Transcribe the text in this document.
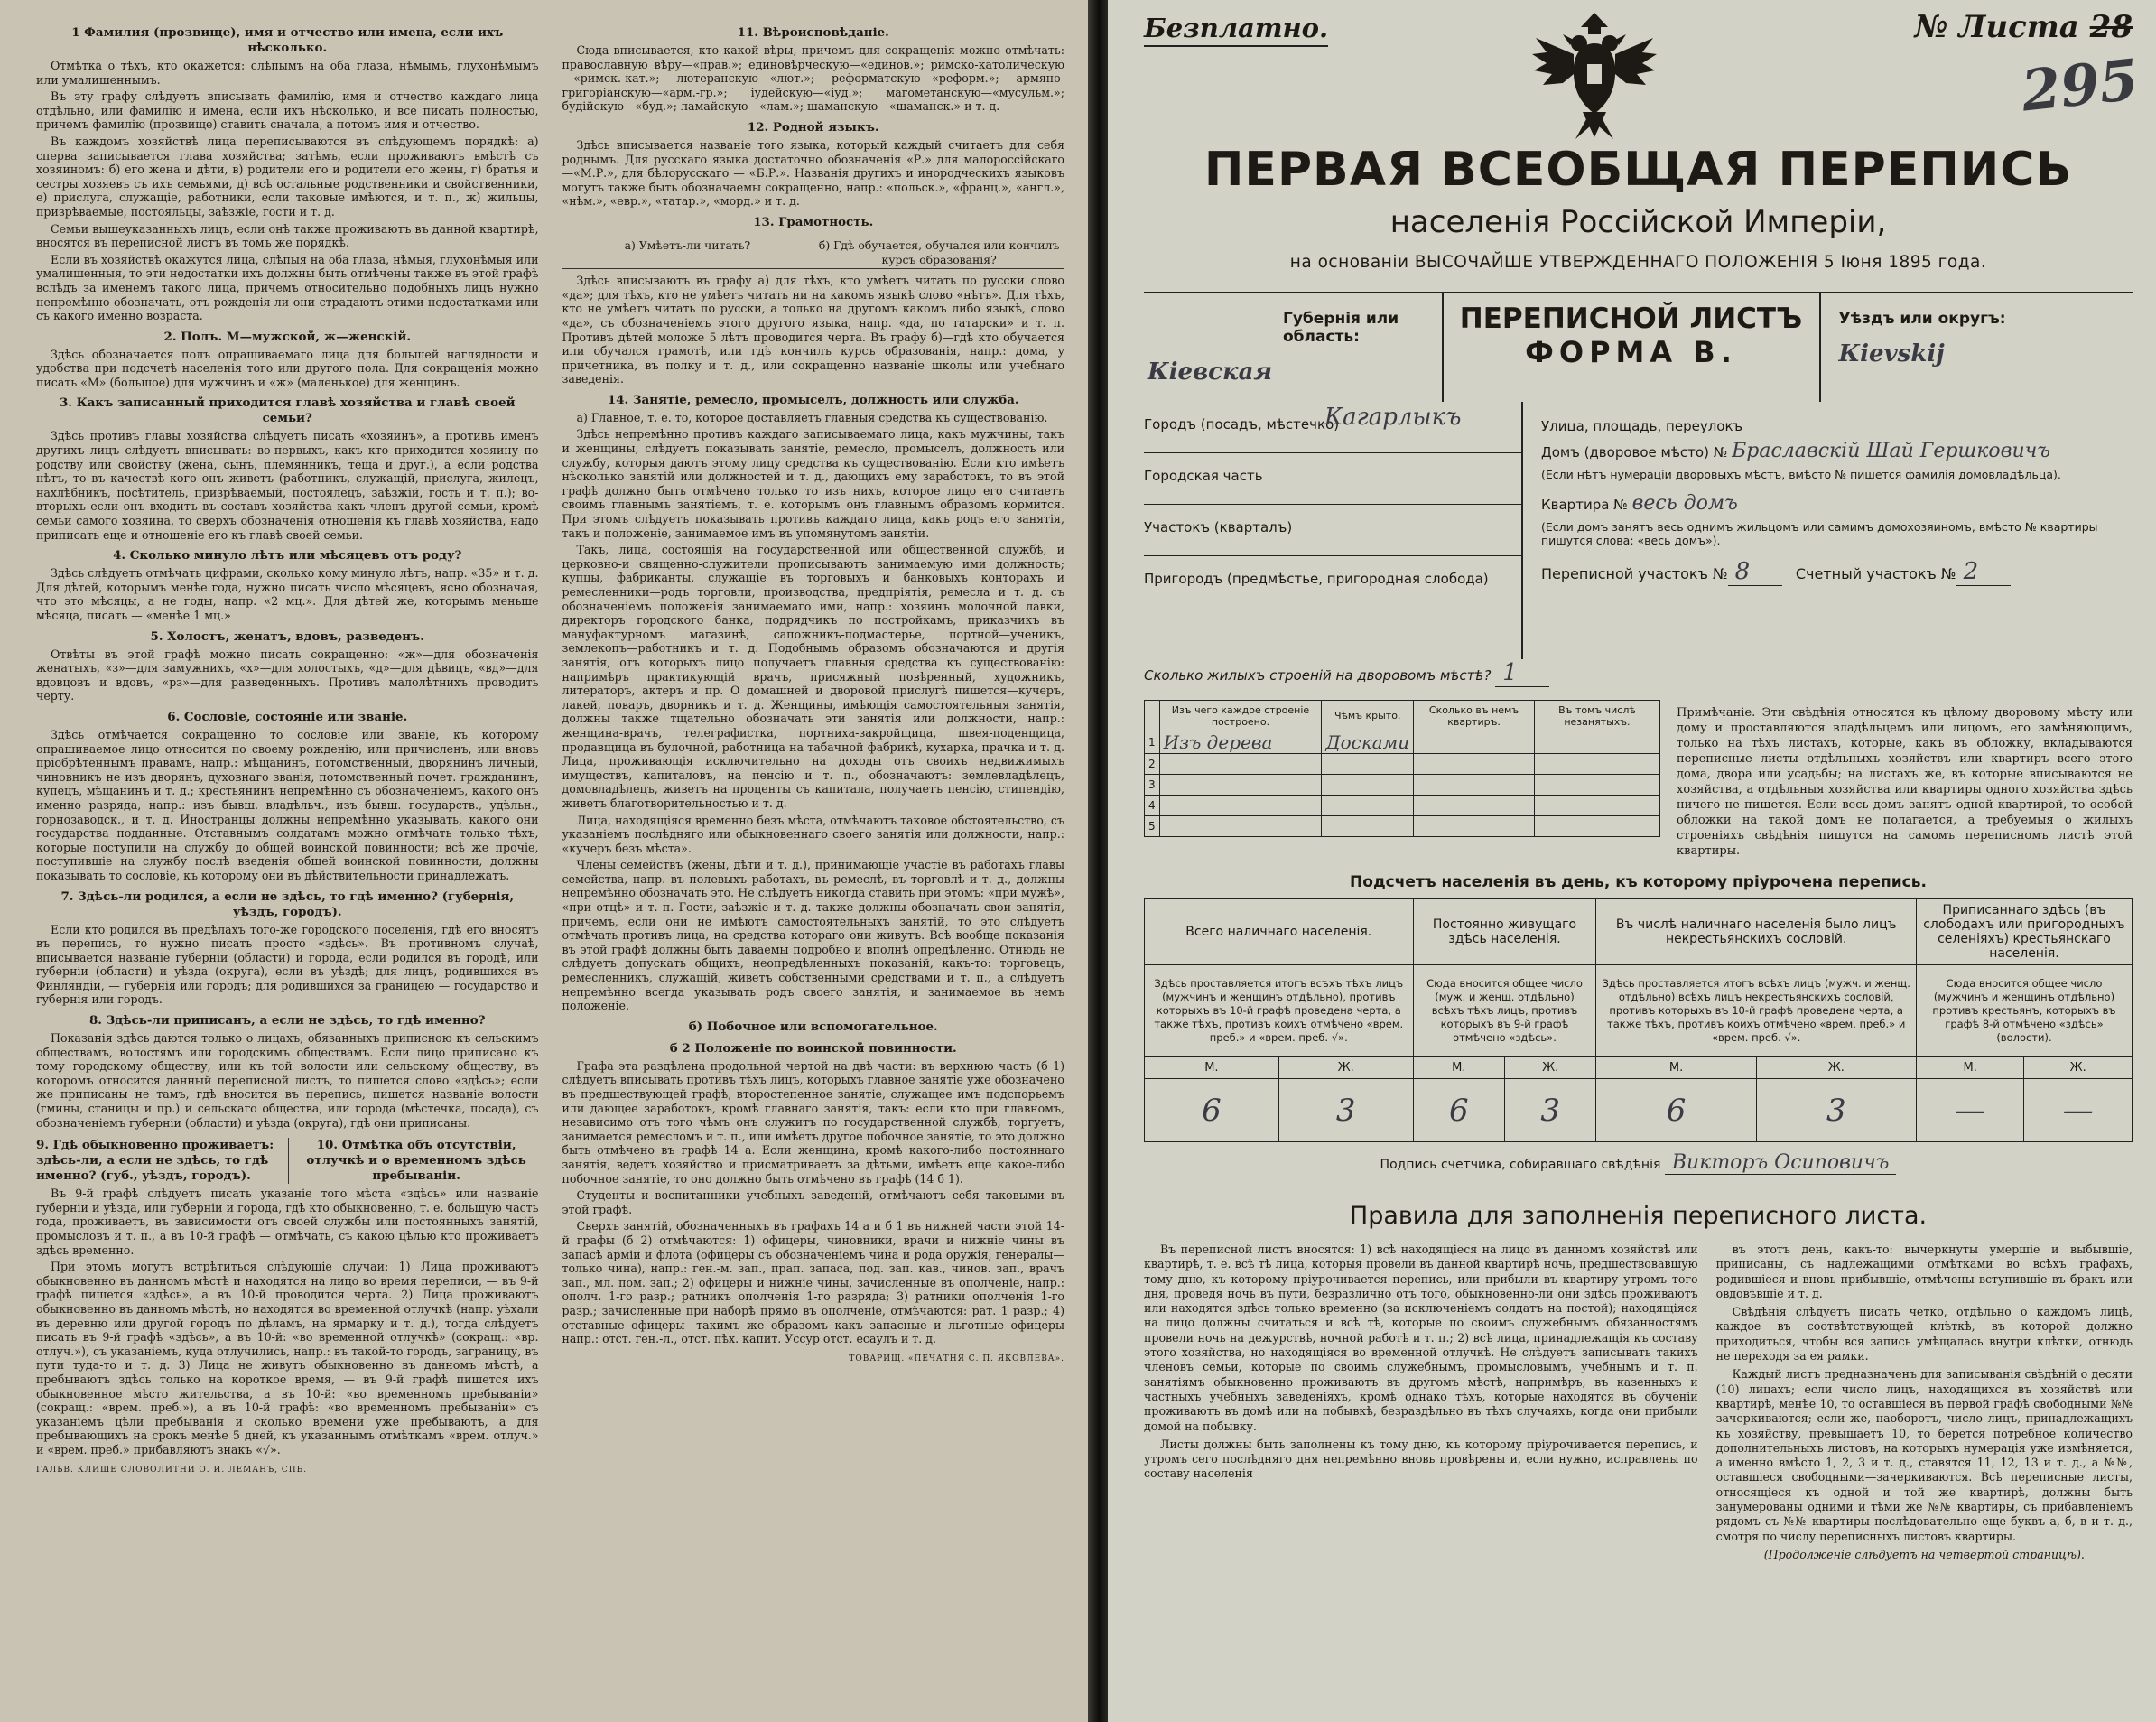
1 Фамилия (прозвище), имя и отчество или имена, если ихъ нѣсколько.

Отмѣтка о тѣхъ, кто окажется: слѣпымъ на оба глаза, нѣмымъ, глухонѣмымъ или умалишеннымъ.

Въ эту графу слѣдуетъ вписывать фамилію, имя и отчество каждаго лица отдѣльно, или фамилію и имена, если ихъ нѣсколько, и все писать полностью, причемъ фамилію (прозвище) ставить сначала, а потомъ имя и отчество.

Въ каждомъ хозяйствѣ лица переписываются въ слѣдующемъ порядкѣ: а) сперва записывается глава хозяйства; затѣмъ, если проживаютъ вмѣстѣ съ хозяиномъ: б) его жена и дѣти, в) родители его и родители его жены, г) братья и сестры хозяевъ съ ихъ семьями, д) всѣ остальные родственники и свойственники, е) прислуга, служащіе, работники, если таковые имѣются, и т. п., ж) жильцы, призрѣваемые, постояльцы, заѣзжіе, гости и т. д.

Семьи вышеуказанныхъ лицъ, если онѣ также проживаютъ въ данной квартирѣ, вносятся въ переписной листъ въ томъ же порядкѣ.

Если въ хозяйствѣ окажутся лица, слѣпыя на оба глаза, нѣмыя, глухонѣмыя или умалишенныя, то эти недостатки ихъ должны быть отмѣчены также въ этой графѣ вслѣдъ за именемъ такого лица, причемъ относительно подобныхъ лицъ нужно непремѣнно обозначать, отъ рожденія-ли они страдаютъ этими недостатками или съ какого именно возраста.

2. Полъ. М—мужской, ж—женскій.

Здѣсь обозначается полъ опрашиваемаго лица для большей наглядности и удобства при подсчетѣ населенія того или другого пола. Для сокращенія можно писать «М» (большое) для мужчинъ и «ж» (маленькое) для женщинъ.

3. Какъ записанный приходится главѣ хозяйства и главѣ своей семьи?

Здѣсь противъ главы хозяйства слѣдуетъ писать «хозяинъ», а противъ именъ другихъ лицъ слѣдуетъ вписывать: во-первыхъ, какъ кто приходится хозяину по родству или свойству (жена, сынъ, племянникъ, теща и друг.), а если родства нѣтъ, то въ качествѣ кого онъ живетъ (работникъ, служащій, прислуга, жилецъ, нахлѣбникъ, посѣтитель, призрѣваемый, постоялецъ, заѣзжій, гость и т. п.); во-вторыхъ если онъ входитъ въ составъ хозяйства какъ членъ другой семьи, кромѣ семьи самого хозяина, то сверхъ обозначенія отношенія къ главѣ хозяйства, надо приписать еще и отношеніе его къ главѣ своей семьи.

4. Сколько минуло лѣтъ или мѣсяцевъ отъ роду?

Здѣсь слѣдуетъ отмѣчать цифрами, сколько кому минуло лѣтъ, напр. «35» и т. д. Для дѣтей, которымъ менѣе года, нужно писать число мѣсяцевъ, ясно обозначая, что это мѣсяцы, а не годы, напр. «2 мц.». Для дѣтей же, которымъ меньше мѣсяца, писать — «менѣе 1 мц.»

5. Холостъ, женатъ, вдовъ, разведенъ.

Отвѣты въ этой графѣ можно писать сокращенно: «ж»—для обозначенія женатыхъ, «з»—для замужнихъ, «х»—для холостыхъ, «д»—для дѣвицъ, «вд»—для вдовцовъ и вдовъ, «рз»—для разведенныхъ. Противъ малолѣтнихъ проводить черту.

6. Сословіе, состояніе или званіе.

Здѣсь отмѣчается сокращенно то сословіе или званіе, къ которому опрашиваемое лицо относится по своему рожденію, или причисленъ, или вновь пріобрѣтеннымъ правамъ, напр.: мѣщанинъ, потомственный, дворянинъ личный, чиновникъ не изъ дворянъ, духовнаго званія, потомственный почет. гражданинъ, купецъ, мѣщанинъ и т. д.; крестьянинъ непремѣнно съ обозначеніемъ, какого онъ именно разряда, напр.: изъ бывш. владѣльч., изъ бывш. государств., удѣльн., горнозаводск., и т. д. Иностранцы должны непремѣнно указывать, какого они государства подданные. Отставнымъ солдатамъ можно отмѣчать только тѣхъ, которые поступили на службу до общей воинской повинности; всѣ же прочіе, поступившіе на службу послѣ введенія общей воинской повинности, должны показывать то сословіе, къ которому они въ дѣйствительности принадлежатъ.

7. Здѣсь-ли родился, а если не здѣсь, то гдѣ именно? (губернія, уѣздъ, городъ).

Если кто родился въ предѣлахъ того-же городского поселенія, гдѣ его вносятъ въ перепись, то нужно писать просто «здѣсь». Въ противномъ случаѣ, вписывается названіе губерніи (области) и города, если родился въ городѣ, или губерніи (области) и уѣзда (округа), если въ уѣздѣ; для лицъ, родившихся въ Финляндіи, — губернія или городъ; для родившихся за границею — государство и губернія или городъ.

8. Здѣсь-ли приписанъ, а если не здѣсь, то гдѣ именно?

Показанія здѣсь даются только о лицахъ, обязанныхъ приписною къ сельскимъ обществамъ, волостямъ или городскимъ обществамъ. Если лицо приписано къ тому городскому обществу, или къ той волости или сельскому обществу, въ которомъ относится данный переписной листъ, то пишется слово «здѣсь»; если же приписаны не тамъ, гдѣ вносится въ перепись, пишется названіе волости (гмины, станицы и пр.) и сельскаго общества, или города (мѣстечка, посада), съ обозначеніемъ губерніи (области) и уѣзда (округа), гдѣ они приписаны.

9. Гдѣ обыкновенно проживаетъ: здѣсь-ли, а если не здѣсь, то гдѣ именно? (губ., уѣздъ, городъ).
10. Отмѣтка объ отсутствіи, отлучкѣ и о временномъ здѣсь пребываніи.

Въ 9-й графѣ слѣдуетъ писать указаніе того мѣста «здѣсь» или названіе губерніи и уѣзда, или губерніи и города, гдѣ кто обыкновенно, т. е. большую часть года, проживаетъ, въ зависимости отъ своей службы или постоянныхъ занятій, промысловъ и т. п., а въ 10-й графѣ — отмѣчать, съ какою цѣлью кто проживаетъ здѣсь временно.

При этомъ могутъ встрѣтиться слѣдующіе случаи: 1) Лица проживаютъ обыкновенно въ данномъ мѣстѣ и находятся на лицо во время переписи, — въ 9-й графѣ пишется «здѣсь», а въ 10-й проводится черта. 2) Лица проживаютъ обыкновенно въ данномъ мѣстѣ, но находятся во временной отлучкѣ (напр. уѣхали въ деревню или другой городъ по дѣламъ, на ярмарку и т. д.), тогда слѣдуетъ писать въ 9-й графѣ «здѣсь», а въ 10-й: «во временной отлучкѣ» (сокращ.: «вр. отлуч.»), съ указаніемъ, куда отлучились, напр.: въ такой-то городъ, заграницу, въ пути туда-то и т. д. 3) Лица не живутъ обыкновенно въ данномъ мѣстѣ, а пребываютъ здѣсь только на короткое время, — въ 9-й графѣ пишется ихъ обыкновенное мѣсто жительства, а въ 10-й: «во временномъ пребываніи» (сокращ.: «врем. преб.»), а въ 10-й графѣ: «во временномъ пребываніи» съ указаніемъ цѣли пребыванія и сколько времени уже пребываютъ, а для пребывающихъ на срокъ менѣе 5 дней, къ указаннымъ отмѣткамъ «врем. отлуч.» и «врем. преб.» прибавляютъ знакъ «√».

ГАЛЬВ. КЛИШЕ СЛОВОЛИТНИ О. И. ЛЕМАНЪ, СПБ.
11. Вѣроисповѣданіе.

Сюда вписывается, кто какой вѣры, причемъ для сокращенія можно отмѣчать: православную вѣру—«прав.»; единовѣрческую—«единов.»; римско-католическую—«римск.-кат.»; лютеранскую—«лют.»; реформатскую—«реформ.»; армяно-григоріанскую—«арм.-гр.»; іудейскую—«іуд.»; магометанскую—«мусульм.»; будійскую—«буд.»; ламайскую—«лам.»; шаманскую—«шаманск.» и т. д.

12. Родной языкъ.

Здѣсь вписывается названіе того языка, который каждый считаетъ для себя роднымъ. Для русскаго языка достаточно обозначенія «Р.» для малороссійскаго—«М.Р.», для бѣлорусскаго — «Б.Р.». Названія другихъ и инородческихъ языковъ могутъ также быть обозначаемы сокращенно, напр.: «польск.», «франц.», «англ.», «нѣм.», «евр.», «татар.», «морд.» и т. д.

13. Грамотность.
а) Умѣетъ-ли читать?	б) Гдѣ обучается, обучался или кончилъ курсъ образованія?

Здѣсь вписываютъ въ графу а) для тѣхъ, кто умѣетъ читать по русски слово «да»; для тѣхъ, кто не умѣетъ читать ни на какомъ языкѣ слово «нѣтъ». Для тѣхъ, кто не умѣетъ читать по русски, а только на другомъ какомъ либо языкѣ, слово «да», съ обозначеніемъ этого другого языка, напр. «да, по татарски» и т. п. Противъ дѣтей моложе 5 лѣтъ проводится черта. Въ графу б)—гдѣ кто обучается или обучался грамотѣ, или гдѣ кончилъ курсъ образованія, напр.: дома, у причетника, въ полку и т. д., или сокращенно названіе школы или учебнаго заведенія.

14. Занятіе, ремесло, промыселъ, должность или служба.

а) Главное, т. е. то, которое доставляетъ главныя средства къ существованію.

Здѣсь непремѣнно противъ каждаго записываемаго лица, какъ мужчины, такъ и женщины, слѣдуетъ показывать занятіе, ремесло, промыселъ, должность или службу, которыя даютъ этому лицу средства къ существованію. Если кто имѣетъ нѣсколько занятій или должностей и т. д., дающихъ ему заработокъ, то въ этой графѣ должно быть отмѣчено только то изъ нихъ, которое лицо его считаетъ своимъ главнымъ занятіемъ, т. е. которымъ онъ главнымъ образомъ кормится. При этомъ слѣдуетъ показывать противъ каждаго лица, какъ родъ его занятія, такъ и положеніе, занимаемое имъ въ упомянутомъ занятіи.

Такъ, лица, состоящія на государственной или общественной службѣ, и церковно-и священно-служители прописываютъ занимаемую ими должность; купцы, фабриканты, служащіе въ торговыхъ и банковыхъ конторахъ и ремесленники—родъ торговли, производства, предпріятія, ремесла и т. д. съ обозначеніемъ положенія занимаемаго ими, напр.: хозяинъ молочной лавки, директоръ городского банка, подрядчикъ по постройкамъ, приказчикъ въ мануфактурномъ магазинѣ, сапожникъ-подмастерье, портной—ученикъ, землекопъ—работникъ и т. д. Подобнымъ образомъ обозначаются и другія занятія, отъ которыхъ лицо получаетъ главныя средства къ существованію: напримѣръ практикующій врачъ, присяжный повѣренный, художникъ, литераторъ, актеръ и пр. О домашней и дворовой прислугѣ пишется—кучеръ, лакей, поваръ, дворникъ и т. д. Женщины, имѣющія самостоятельныя занятія, должны также тщательно обозначать эти занятія или должности, напр.: женщина-врачъ, телеграфистка, портниха-закройщица, швея-поденщица, продавщица въ булочной, работница на табачной фабрикѣ, кухарка, прачка и т. д. Лица, проживающія исключительно на доходы отъ своихъ недвижимыхъ имуществъ, капиталовъ, на пенсію и т. п., обозначаютъ: землевладѣлецъ, домовладѣлецъ, живетъ на проценты съ капитала, получаетъ пенсію, стипендію, живетъ благотворительностью и т. д.

Лица, находящіяся временно безъ мѣста, отмѣчаютъ таковое обстоятельство, съ указаніемъ послѣдняго или обыкновеннаго своего занятія или должности, напр.: «кучеръ безъ мѣста».

Члены семействъ (жены, дѣти и т. д.), принимающіе участіе въ работахъ главы семейства, напр. въ полевыхъ работахъ, въ ремеслѣ, въ торговлѣ и т. д., должны непремѣнно обозначать это. Не слѣдуетъ никогда ставить при этомъ: «при мужѣ», «при отцѣ» и т. п. Гости, заѣзжіе и т. д. также должны обозначать свои занятія, причемъ, если они не имѣютъ самостоятельныхъ занятій, то это слѣдуетъ отмѣчать противъ лица, на средства котораго они живутъ. Всѣ вообще показанія въ этой графѣ должны быть даваемы подробно и вполнѣ опредѣленно. Отнюдь не слѣдуетъ допускать общихъ, неопредѣленныхъ показаній, какъ-то: торговецъ, ремесленникъ, служащій, живетъ собственными средствами и т. п., а слѣдуетъ непремѣнно всегда указывать родъ своего занятія, и занимаемое въ немъ положеніе.

б) Побочное или вспомогательное.
б 2 Положеніе по воинской повинности.

Графа эта раздѣлена продольной чертой на двѣ части: въ верхнюю часть (б 1) слѣдуетъ вписывать противъ тѣхъ лицъ, которыхъ главное занятіе уже обозначено въ предшествующей графѣ, второстепенное занятіе, служащее имъ подспорьемъ или дающее заработокъ, кромѣ главнаго занятія, такъ: если кто при главномъ, независимо отъ того чѣмъ онъ служитъ по государственной службѣ, торгуетъ, занимается ремесломъ и т. п., или имѣетъ другое побочное занятіе, то это должно быть отмѣчено въ графѣ 14 а. Если женщина, кромѣ какого-либо постояннаго занятія, ведетъ хозяйство и присматриваетъ за дѣтьми, имѣетъ еще какое-либо побочное занятіе, то оно должно быть отмѣчено въ графѣ (14 б 1).

Студенты и воспитанники учебныхъ заведеній, отмѣчаютъ себя таковыми въ этой графѣ.

Сверхъ занятій, обозначенныхъ въ графахъ 14 а и б 1 въ нижней части этой 14-й графы (б 2) отмѣчаются: 1) офицеры, чиновники, врачи и нижніе чины въ запасѣ арміи и флота (офицеры съ обозначеніемъ чина и рода оружія, генералы—только чина), напр.: ген.-м. зап., прап. запаса, под. зап. кав., чинов. зап., врачъ зап., мл. пом. зап.; 2) офицеры и нижніе чины, зачисленные въ ополченіе, напр.: ополч. 1-го разр.; ратникъ ополченія 1-го разряда; 3) ратники ополченія 1-го разр.; зачисленные при наборѣ прямо въ ополченіе, отмѣчаются: рат. 1 разр.; 4) отставные офицеры—такимъ же образомъ какъ запасные и льготные офицеры напр.: отст. ген.-л., отст. пѣх. капит. Уссур отст. есаулъ и т. д.

ТОВАРИЩ. «ПЕЧАТНЯ С. П. ЯКОВЛЕВА».
Безплатно.	№ Листа 28
295
ПЕРВАЯ ВСЕОБЩАЯ ПЕРЕПИСЬ
населенія Россійской Имперіи,
на основаніи ВЫСОЧАЙШЕ УТВЕРЖДЕННАГО ПОЛОЖЕНІЯ 5 Іюня 1895 года.
Губернія или область:
Кіевская
ПЕРЕПИСНОЙ ЛИСТЪ
ФОРМА В.
Уѣздъ или округъ:
Кievskij
Городъ (посадъ, мѣстечко)
Кагарлыкъ
Городская часть
Участокъ (кварталъ)
Пригородъ (предмѣстье, пригородная слобода)
Улица, площадь, переулокъ
Домъ (дворовое мѣсто) № Браславскій Шай Гершковичъ
(Если нѣтъ нумераціи дворовыхъ мѣстъ, вмѣсто № пишется фамилія домовладѣльца).
Квартира № весь домъ
(Если домъ занятъ весь однимъ жильцомъ или самимъ домохозяиномъ, вмѣсто № квартиры пишутся слова: «весь домъ»).
Переписной участокъ № 8	Счетный участокъ № 2
Сколько жилыхъ строеній на дворовомъ мѣстѣ? 1
	Изъ чего каждое строеніе построено.	Чѣмъ крыто.	Сколько въ немъ квартиръ.	Въ томъ числѣ незанятыхъ.
1	Изъ дерева	Досками		
2				
3				
4				
5				
Примѣчаніе. Эти свѣдѣнія относятся къ цѣлому дворовому мѣсту или дому и проставляются владѣльцемъ или лицомъ, его замѣняющимъ, только на тѣхъ листахъ, которые, какъ въ обложку, вкладываются переписные листы отдѣльныхъ хозяйствъ или квартиръ всего этого дома, двора или усадьбы; на листахъ же, въ которые вписываются не хозяйства, а отдѣльныя хозяйства или квартиры одного хозяйства здѣсь ничего не пишется. Если весь домъ занятъ одной квартирой, то особой обложки на такой домъ не полагается, а требуемыя о жилыхъ строеніяхъ свѣдѣнія пишутся на самомъ переписномъ листѣ этой квартиры.
Подсчетъ населенія въ день, къ которому пріурочена перепись.
Всего наличнаго населенія.		Постоянно живущаго здѣсь населенія.		Въ числѣ наличнаго населенія было лицъ некрестьянскихъ сословій.		Приписаннаго здѣсь (въ слободахъ или пригородныхъ селеніяхъ) крестьянскаго населенія.	
Здѣсь проставляется итогъ всѣхъ тѣхъ лицъ (мужчинъ и женщинъ отдѣльно), противъ которыхъ въ 10-й графѣ проведена черта, а также тѣхъ, противъ коихъ отмѣчено «врем. преб.» и «врем. преб. √».		Сюда вносится общее число (муж. и женщ. отдѣльно) всѣхъ тѣхъ лицъ, противъ которыхъ въ 9-й графѣ отмѣчено «здѣсь».		Здѣсь проставляется итогъ всѣхъ лицъ (мужч. и женщ. отдѣльно) всѣхъ лицъ некрестьянскихъ сословій, противъ которыхъ въ 10-й графѣ проведена черта, а также тѣхъ, противъ коихъ отмѣчено «врем. преб.» и «врем. преб. √».		Сюда вносится общее число (мужчинъ и женщинъ отдѣльно) противъ крестьянъ, которыхъ въ графѣ 8-й отмѣчено «здѣсь» (волости).	
М.	Ж.	М.	Ж.	М.	Ж.	М.	Ж.
6	3	6	3	6	3	—	—
Подпись счетчика, собиравшаго свѣдѣнія Викторъ Осиповичъ
Правила для заполненія переписного листа.

Въ переписной листъ вносятся: 1) всѣ находящіеся на лицо въ данномъ хозяйствѣ или квартирѣ, т. е. всѣ тѣ лица, которыя провели въ данной квартирѣ ночь, предшествовавшую тому дню, къ которому пріурочивается перепись, или прибыли въ квартиру утромъ того дня, проведя ночь въ пути, безразлично отъ того, обыкновенно-ли они здѣсь проживаютъ или находятся здѣсь только временно (за исключеніемъ солдатъ на постой); находящіяся на лицо должны считаться и всѣ тѣ, которые по своимъ служебнымъ обязанностямъ провели ночь на дежурствѣ, ночной работѣ и т. п.; 2) всѣ лица, принадлежащія къ составу этого хозяйства, но находящіяся во временной отлучкѣ. Не слѣдуетъ записывать такихъ членовъ семьи, которые по своимъ служебнымъ, промысловымъ, учебнымъ и т. п. занятіямъ обыкновенно проживаютъ въ другомъ мѣстѣ, напримѣръ, въ казенныхъ и частныхъ учебныхъ заведеніяхъ, кромѣ однако тѣхъ, которые находятся въ обученіи проживаютъ въ домѣ или на побывкѣ, безраздѣльно въ тѣхъ случаяхъ, когда они прибыли домой на побывку.

Листы должны быть заполнены къ тому дню, къ которому пріурочивается перепись, и утромъ сего послѣдняго дня непремѣнно вновь провѣрены и, если нужно, исправлены по составу населенія

въ этотъ день, какъ-то: вычеркнуты умершіе и выбывшіе, приписаны, съ надлежащими отмѣтками во всѣхъ графахъ, родившіеся и вновь прибывшіе, отмѣчены вступившіе въ бракъ или овдовѣвшіе и т. д.

Свѣдѣнія слѣдуетъ писать четко, отдѣльно о каждомъ лицѣ, каждое въ соотвѣтствующей клѣткѣ, въ которой должно приходиться, чтобы вся запись умѣщалась внутри клѣтки, отнюдь не переходя за ея рамки.

Каждый листъ предназначенъ для записыванія свѣдѣній о десяти (10) лицахъ; если число лицъ, находящихся въ хозяйствѣ или квартирѣ, менѣе 10, то оставшіеся въ первой графѣ свободными №№ зачеркиваются; если же, наоборотъ, число лицъ, принадлежащихъ къ хозяйству, превышаетъ 10, то берется потребное количество дополнительныхъ листовъ, на которыхъ нумерація уже измѣняется, а именно вмѣсто 1, 2, 3 и т. д., ставятся 11, 12, 13 и т. д., а №№, оставшіеся свободными—зачеркиваются. Всѣ переписные листы, относящіеся къ одной и той же квартирѣ, должны быть занумерованы одними и тѣми же №№ квартиры, съ прибавленіемъ рядомъ съ №№ квартиры послѣдовательно еще буквъ а, б, в и т. д., смотря по числу переписныхъ листовъ квартиры.

(Продолженіе слѣдуетъ на четвертой страницѣ).
